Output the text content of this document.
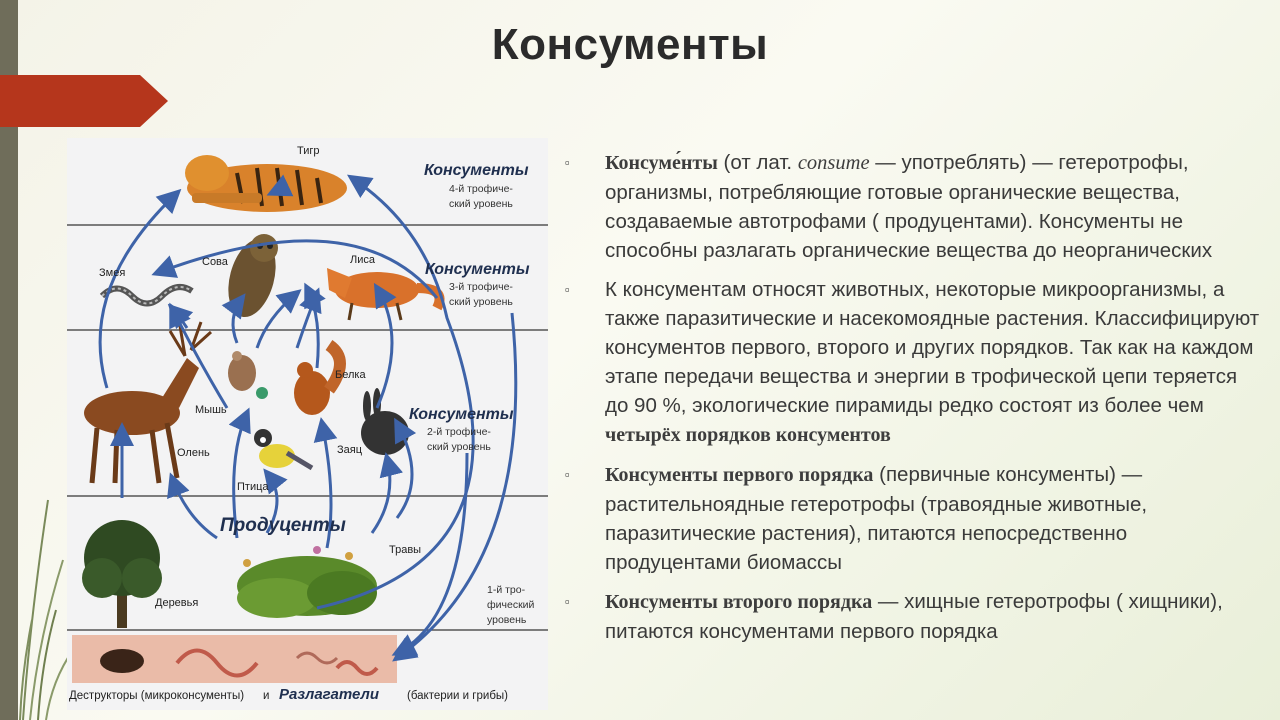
Консументы
Тигр
Консументы
4-й трофиче-
ский уровень
Змея
Сова	Лиса
Консументы
3-й трофиче-
ский уровень
Мышь
Белка
Консументы
2-й трофиче-
ский уровень
Заяц
Олень
Птица
Продуценты
Травы
Деревья
1-й тро-
фический
уровень
Деструкторы (микроконсументы) и Разлагатели (бактерии и грибы)
▫ Консуме́нты (от лат. consume — употреблять) — гетеротрофы, организмы, потребляющие готовые органические вещества, создаваемые автотрофами ( продуцентами). Консументы не способны разлагать органические вещества до неорганических
▫ К консументам относят животных, некоторые микроорганизмы, а также паразитические и насекомоядные растения. Классифицируют консументов первого, второго и других порядков. Так как на каждом этапе передачи вещества и энергии в трофической цепи теряется до 90 %, экологические пирамиды редко состоят из более чем четырёх порядков консументов
▫ Консументы первого порядка (первичные консументы) — растительноядные гетеротрофы (травоядные животные, паразитические растения), питаются непосредственно продуцентами биомассы
▫ Консументы второго порядка — хищные гетеротрофы ( хищники), питаются консументами первого порядка
